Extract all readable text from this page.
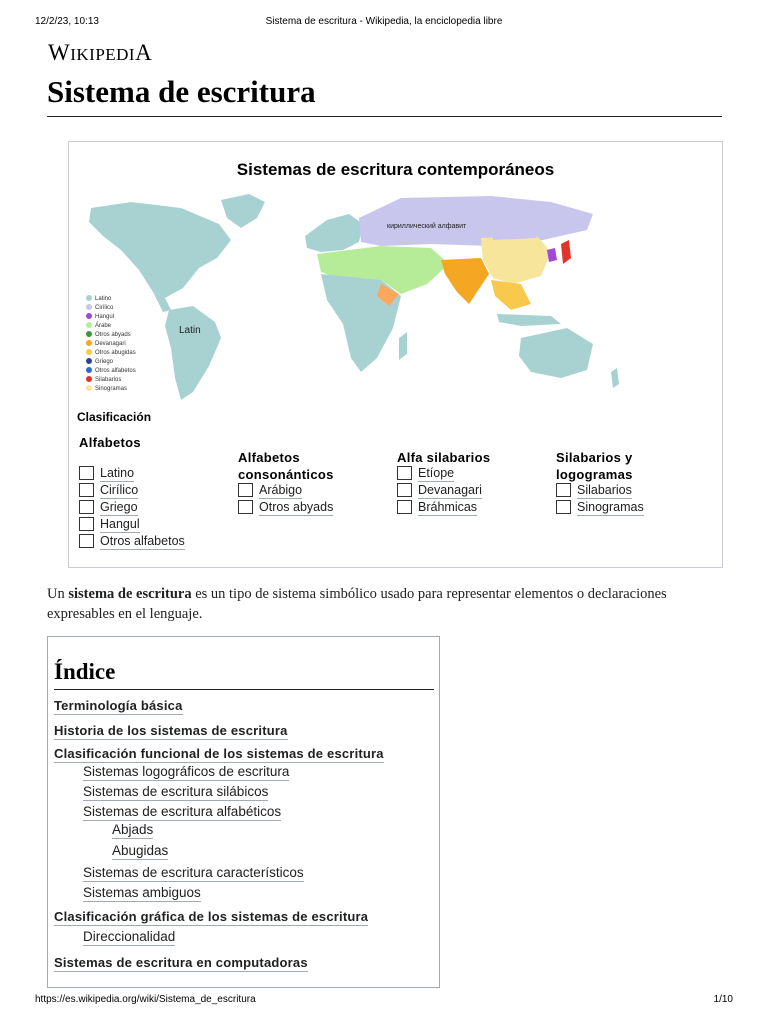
12/2/23, 10:13	Sistema de escritura - Wikipedia, la enciclopedia libre
WIKIPEDIA
Sistema de escritura
Sistemas de escritura contemporáneos
Latino
Cirílico
Hangul
Árabe
Otros abyads
Devanagari
Otros abugidas
Griego
Otros alfabetos
Silabarios
Sinogramas
Latin
кириллический алфавит
Clasificación
Alfabetos
Latino
Cirílico
Griego
Hangul
Otros alfabetos
Alfabetos
consonánticos
Arábigo
Otros abyads
Alfa silabarios
Etíope
Devanagari
Bráhmicas
Silabarios y
logogramas
Silabarios
Sinogramas

Un sistema de escritura es un tipo de sistema simbólico usado para representar elementos o declaraciones expresables en el lenguaje.

Índice
Terminología básica
Historia de los sistemas de escritura
Clasificación funcional de los sistemas de escritura
Sistemas logográficos de escritura
Sistemas de escritura silábicos
Sistemas de escritura alfabéticos
Abjads
Abugidas
Sistemas de escritura característicos
Sistemas ambiguos
Clasificación gráfica de los sistemas de escritura
Direccionalidad
Sistemas de escritura en computadoras
https://es.wikipedia.org/wiki/Sistema_de_escritura	1/10
